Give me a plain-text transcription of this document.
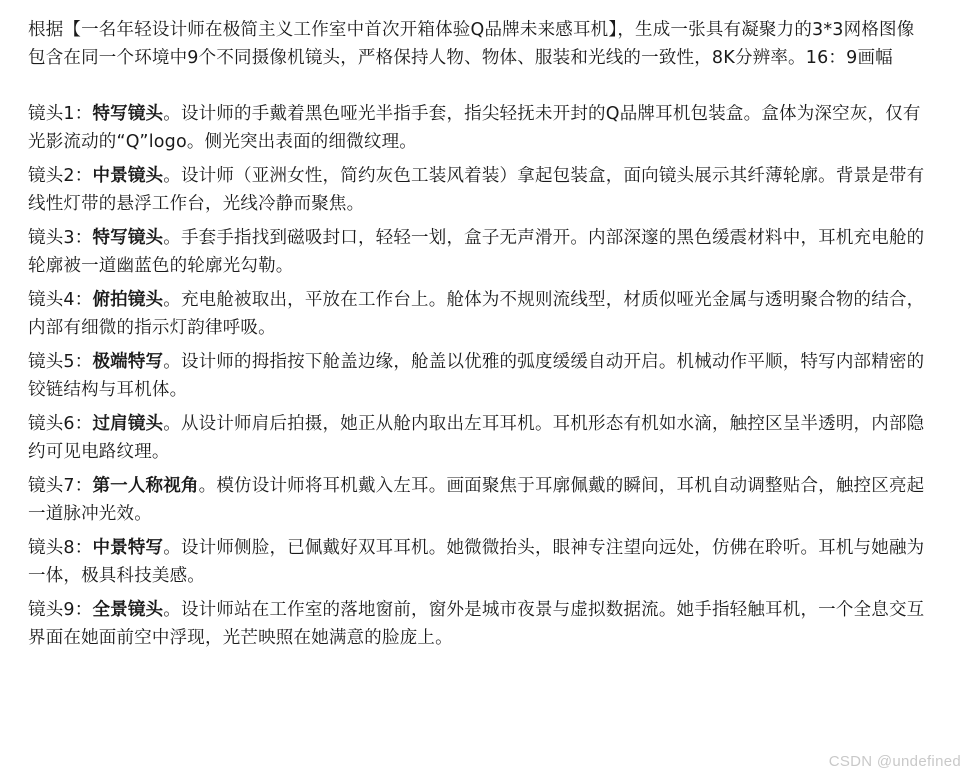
根据【一名年轻设计师在极简主义工作室中首次开箱体验Q品牌未来感耳机】，生成一张具有凝聚力的3*3网格图像

包含在同一个环境中9个不同摄像机镜头，严格保持人物、物体、服装和光线的一致性，8K分辨率。16：9画幅

镜头1：特写镜头。设计师的手戴着黑色哑光半指手套，指尖轻抚未开封的Q品牌耳机包装盒。盒体为深空灰，仅有光影流动的“Q”logo。侧光突出表面的细微纹理。

镜头2：中景镜头。设计师（亚洲女性，简约灰色工装风着装）拿起包装盒，面向镜头展示其纤薄轮廓。背景是带有线性灯带的悬浮工作台，光线冷静而聚焦。

镜头3：特写镜头。手套手指找到磁吸封口，轻轻一划，盒子无声滑开。内部深邃的黑色缓震材料中，耳机充电舱的轮廓被一道幽蓝色的轮廓光勾勒。

镜头4：俯拍镜头。充电舱被取出，平放在工作台上。舱体为不规则流线型，材质似哑光金属与透明聚合物的结合，内部有细微的指示灯韵律呼吸。

镜头5：极端特写。设计师的拇指按下舱盖边缘，舱盖以优雅的弧度缓缓自动开启。机械动作平顺，特写内部精密的铰链结构与耳机体。

镜头6：过肩镜头。从设计师肩后拍摄，她正从舱内取出左耳耳机。耳机形态有机如水滴，触控区呈半透明，内部隐约可见电路纹理。

镜头7：第一人称视角。模仿设计师将耳机戴入左耳。画面聚焦于耳廓佩戴的瞬间，耳机自动调整贴合，触控区亮起一道脉冲光效。

镜头8：中景特写。设计师侧脸，已佩戴好双耳耳机。她微微抬头，眼神专注望向远处，仿佛在聆听。耳机与她融为一体，极具科技美感。

镜头9：全景镜头。设计师站在工作室的落地窗前，窗外是城市夜景与虚拟数据流。她手指轻触耳机，一个全息交互界面在她面前空中浮现，光芒映照在她满意的脸庞上。

CSDN @undefined
